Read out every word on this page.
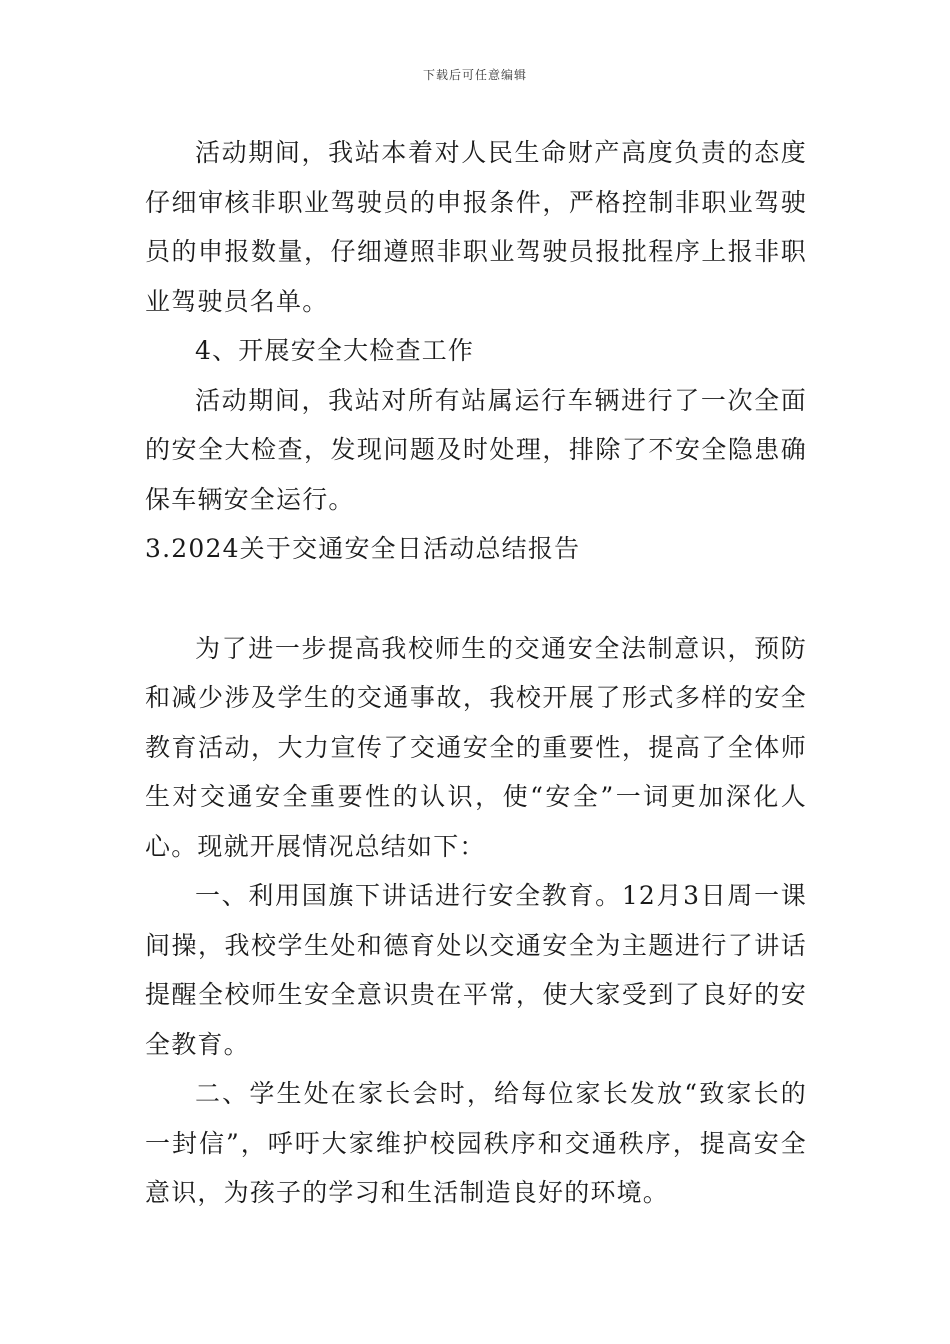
下载后可任意编辑

活动期间，我站本着对人民生命财产高度负责的态度仔细审核非职业驾驶员的申报条件，严格控制非职业驾驶员的申报数量，仔细遵照非职业驾驶员报批程序上报非职业驾驶员名单。

4、开展安全大检查工作

活动期间，我站对所有站属运行车辆进行了一次全面的安全大检查，发现问题及时处理，排除了不安全隐患确保车辆安全运行。

3.2024关于交通安全日活动总结报告

为了进一步提高我校师生的交通安全法制意识，预防和减少涉及学生的交通事故，我校开展了形式多样的安全教育活动，大力宣传了交通安全的重要性，提高了全体师生对交通安全重要性的认识，使“安全”一词更加深化人心。现就开展情况总结如下：

一、利用国旗下讲话进行安全教育。12月3日周一课间操，我校学生处和德育处以交通安全为主题进行了讲话提醒全校师生安全意识贵在平常，使大家受到了良好的安全教育。

二、学生处在家长会时，给每位家长发放“致家长的一封信”，呼吁大家维护校园秩序和交通秩序，提高安全意识，为孩子的学习和生活制造良好的环境。
